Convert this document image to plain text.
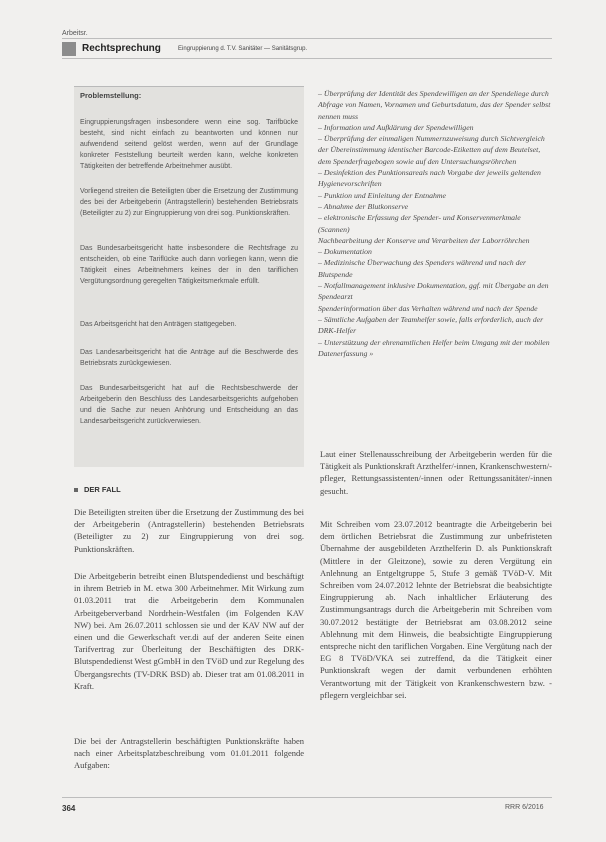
Arbeitsr.
Rechtsprechung	Eingruppierung d. T.V. Sanitäter — Sanitätsgrup.
Problemstellung:

Eingruppierungsfragen insbesondere wenn eine sog. Tarifbücke besteht, sind nicht einfach zu beantworten und können nur aufwendend seitend gelöst werden, wenn auf der Grundlage konkreter Feststellung beurteilt werden kann, welche konkreten Tätigkeiten der betreffende Arbeitnehmer ausübt.

Vorliegend streiten die Beteiligten über die Ersetzung der Zustimmung des bei der Arbeitgeberin (Antragstellerin) bestehenden Betriebsrats (Beteiligter zu 2) zur Eingruppierung von drei sog. Punktionskräften.

Das Bundesarbeitsgericht hatte insbesondere die Rechtsfrage zu entscheiden, ob eine Tariflücke auch dann vorliegen kann, wenn die Tätigkeit eines Arbeitnehmers keines der in den tariflichen Vergütungsordnung geregelten Tätigkeitsmerkmale erfüllt.

Das Arbeitsgericht hat den Anträgen stattgegeben.

Das Landesarbeitsgericht hat die Anträge auf die Beschwerde des Betriebsrats zurückgewiesen.

Das Bundesarbeitsgericht hat auf die Rechtsbeschwerde der Arbeitgeberin den Beschluss des Landesarbeitsgerichts aufgehoben und die Sache zur neuen Anhörung und Entscheidung an das Landesarbeitsgericht zurückverwiesen.

DER FALL

Die Beteiligten streiten über die Ersetzung der Zustimmung des bei der Arbeitgeberin (Antragstellerin) bestehenden Betriebsrats (Beteiligter zu 2) zur Eingruppierung von drei sog. Punktionskräften.

Die Arbeitgeberin betreibt einen Blutspendedienst und beschäftigt in ihrem Betrieb in M. etwa 300 Arbeitnehmer. Mit Wirkung zum 01.03.2011 trat die Arbeitgeberin dem Kommunalen Arbeitgeberverband Nordrhein-Westfalen (im Folgenden KAV NW) bei. Am 26.07.2011 schlossen sie und der KAV NW auf der einen und die Gewerkschaft ver.di auf der anderen Seite einen Tarifvertrag zur Überleitung der Beschäftigten des DRK-Blutspendedienst West gGmbH in den TVöD und zur Regelung des Übergangsrechts (TV-DRK BSD) ab. Dieser trat am 01.08.2011 in Kraft.

Die bei der Antragstellerin beschäftigten Punktionskräfte haben nach einer Arbeitsplatzbeschreibung vom 01.01.2011 folgende Aufgaben:

– Überprüfung der Identität des Spendewilligen an der Spendeliege durch Abfrage von Namen, Vornamen und Geburtsdatum, das der Spender selbst nennen muss
– Information und Aufklärung der Spendewilligen
– Überprüfung der einmaligen Nummernzuweisung durch Sichtvergleich der Übereinstimmung identischer Barcode-Etiketten auf dem Beutelset, dem Spenderfragebogen sowie auf den Untersuchungsröhrchen
– Desinfektion des Punktionsareals nach Vorgabe der jeweils geltenden Hygienevorschriften
– Punktion und Einleitung der Entnahme
– Abnahme der Blutkonserve
– elektronische Erfassung der Spender- und Konservenmerkmale (Scannen)
Nachbearbeitung der Konserve und Verarbeiten der Laborröhrchen
– Dokumentation
– Medizinische Überwachung des Spenders während und nach der Blutspende
– Notfallmanagement inklusive Dokumentation, ggf. mit Übergabe an den Spendearzt
Spenderinformation über das Verhalten während und nach der Spende
– Sämtliche Aufgaben der Teamhelfer sowie, falls erforderlich, auch der DRK-Helfer
– Unterstützung der ehrenamtlichen Helfer beim Umgang mit der mobilen Datenerfassung »

Laut einer Stellenausschreibung der Arbeitgeberin werden für die Tätigkeit als Punktionskraft Arzthelfer/-innen, Krankenschwestern/-pfleger, Rettungsassistenten/-innen oder Rettungssanitäter/-innen gesucht.

Mit Schreiben vom 23.07.2012 beantragte die Arbeitgeberin bei dem örtlichen Betriebsrat die Zustimmung zur unbefristeten Übernahme der ausgebildeten Arzthelferin D. als Punktionskraft (Mittlere in der Gleitzone), sowie zu deren Vergütung ein Anlehnung an Entgeltgruppe 5, Stufe 3 gemäß TVöD-V. Mit Schreiben vom 24.07.2012 lehnte der Betriebsrat die beabsichtigte Eingruppierung ab. Nach inhaltlicher Erläuterung des Zustimmungsantrags durch die Arbeitgeberin mit Schreiben vom 30.07.2012 bestätigte der Betriebsrat am 03.08.2012 seine Ablehnung mit dem Hinweis, die beabsichtigte Eingruppierung entspreche nicht den tariflichen Vorgaben. Eine Vergütung nach der EG 8 TVöD/VKA sei zutreffend, da die Tätigkeit einer Punktionskraft wegen der damit verbundenen erhöhten Verantwortung mit der Tätigkeit von Krankenschwestern bzw. -pflegern vergleichbar sei.

364	RRR 6/2016
